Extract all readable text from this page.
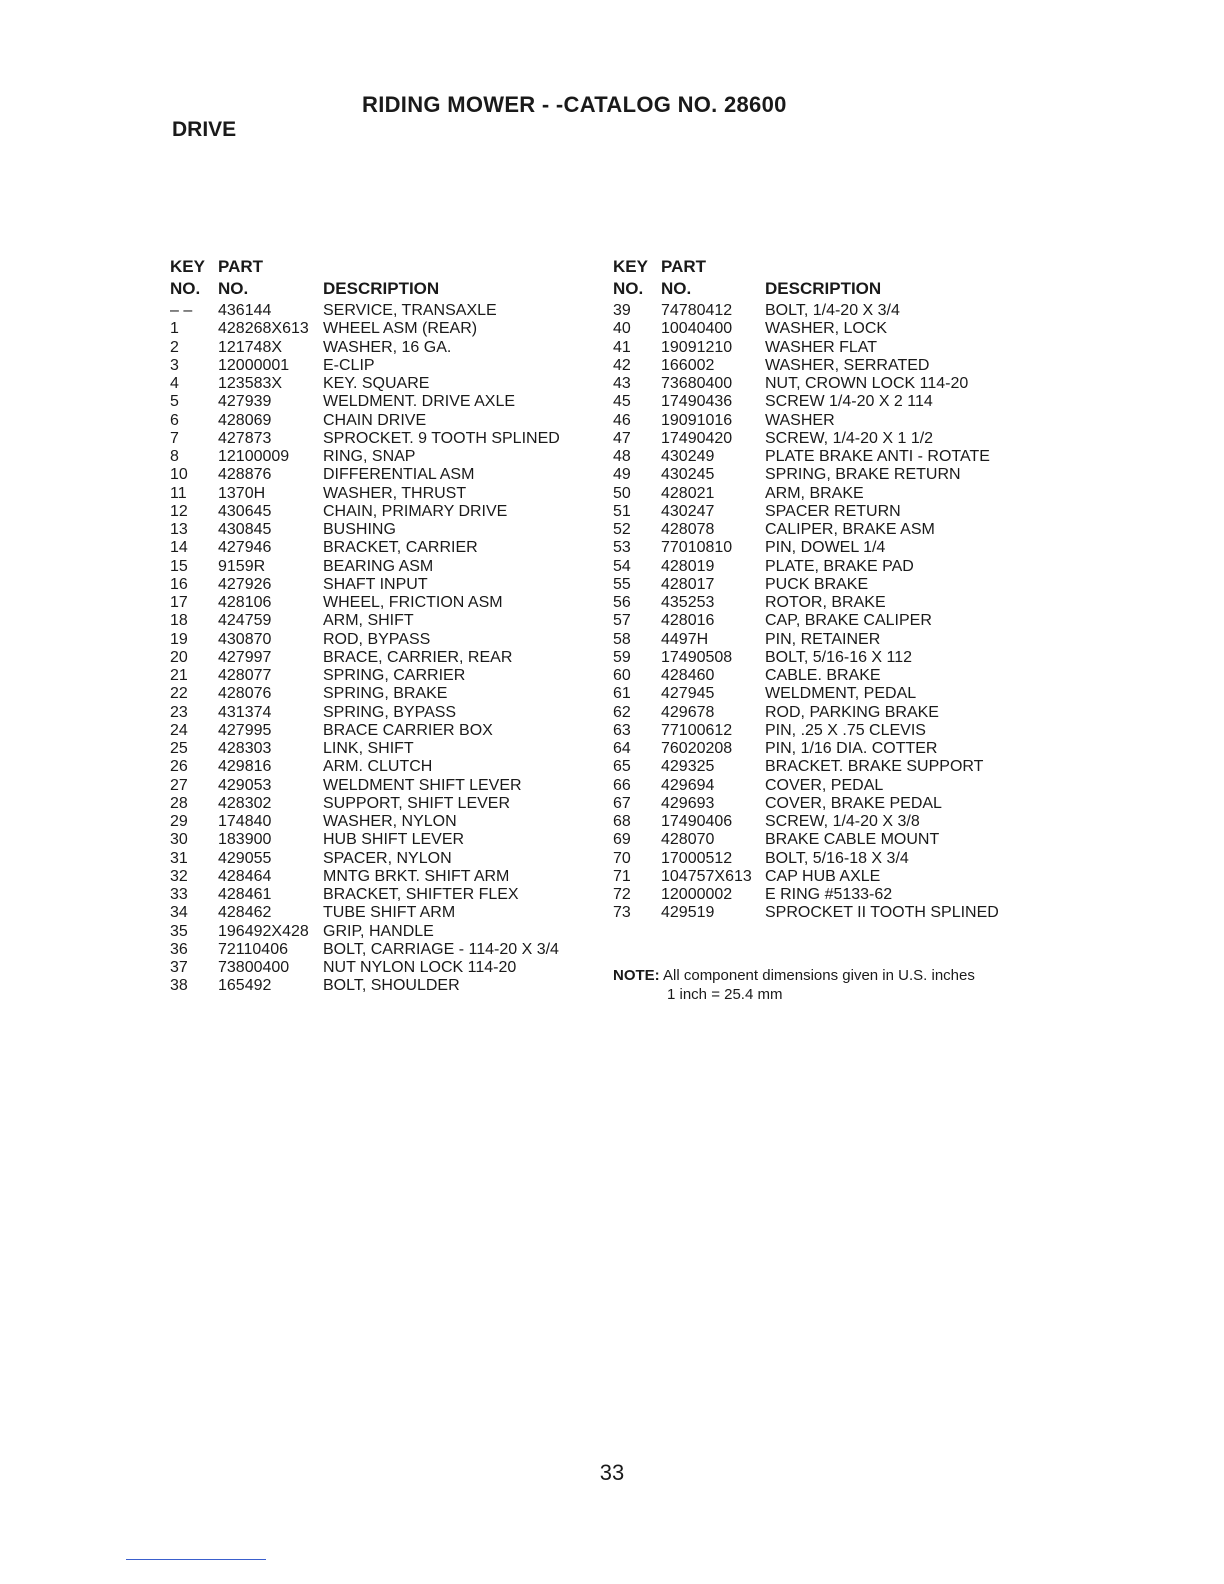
RIDING MOWER - -CATALOG NO. 28600
DRIVE
KEY
NO.
PART
NO.	DESCRIPTION
– – 436144	SERVICE, TRANSAXLE
1 428268X613 WHEEL ASM (REAR)
2 121748X	WASHER, 16 GA.
3 12000001 E-CLIP
4 123583X	KEY. SQUARE
5 427939	WELDMENT. DRIVE AXLE
6 428069	CHAIN DRIVE
7 427873	SPROCKET. 9 TOOTH SPLINED
8 12100009 RING, SNAP
10 428876	DIFFERENTIAL ASM
11 1370H	WASHER, THRUST
12 430645	CHAIN, PRIMARY DRIVE
13 430845	BUSHING
14 427946	BRACKET, CARRIER
15 9159R	BEARING ASM
16 427926	SHAFT INPUT
17 428106	WHEEL, FRICTION ASM
18 424759	ARM, SHIFT
19 430870	ROD, BYPASS
20 427997	BRACE, CARRIER, REAR
21 428077	SPRING, CARRIER
22 428076	SPRING, BRAKE
23 431374	SPRING, BYPASS
24 427995	BRACE CARRIER BOX
25 428303	LINK, SHIFT
26 429816	ARM. CLUTCH
27 429053	WELDMENT SHIFT LEVER
28 428302	SUPPORT, SHIFT LEVER
29 174840	WASHER, NYLON
30 183900	HUB SHIFT LEVER
31 429055	SPACER, NYLON
32 428464	MNTG BRKT. SHIFT ARM
33 428461	BRACKET, SHIFTER FLEX
34 428462	TUBE SHIFT ARM
35 196492X428 GRIP, HANDLE
36 72110406 BOLT, CARRIAGE - 114-20 X 3/4
37 73800400 NUT NYLON LOCK 114-20
38 165492	BOLT, SHOULDER
KEY
NO.
PART
NO.	DESCRIPTION
39 74780412 BOLT, 1/4-20 X 3/4
40 10040400 WASHER, LOCK
41 19091210 WASHER FLAT
42 166002	WASHER, SERRATED
43 73680400 NUT, CROWN LOCK 114-20
45 17490436 SCREW 1/4-20 X 2 114
46 19091016 WASHER
47 17490420 SCREW, 1/4-20 X 1 1/2
48 430249	PLATE BRAKE ANTI - ROTATE
49 430245	SPRING, BRAKE RETURN
50 428021	ARM, BRAKE
51 430247	SPACER RETURN
52 428078	CALIPER, BRAKE ASM
53 77010810 PIN, DOWEL 1/4
54 428019	PLATE, BRAKE PAD
55 428017	PUCK BRAKE
56 435253	ROTOR, BRAKE
57 428016	CAP, BRAKE CALIPER
58 4497H	PIN, RETAINER
59 17490508 BOLT, 5/16-16 X 112
60 428460	CABLE. BRAKE
61 427945	WELDMENT, PEDAL
62 429678	ROD, PARKING BRAKE
63 77100612 PIN, .25 X .75 CLEVIS
64 76020208 PIN, 1/16 DIA. COTTER
65 429325	BRACKET. BRAKE SUPPORT
66 429694	COVER, PEDAL
67 429693	COVER, BRAKE PEDAL
68 17490406 SCREW, 1/4-20 X 3/8
69 428070	BRAKE CABLE MOUNT
70 17000512 BOLT, 5/16-18 X 3/4
71 104757X613 CAP HUB AXLE
72 12000002 E RING #5133-62
73 429519	SPROCKET II TOOTH SPLINED
NOTE: All component dimensions given in U.S. inches
1 inch = 25.4 mm
33
